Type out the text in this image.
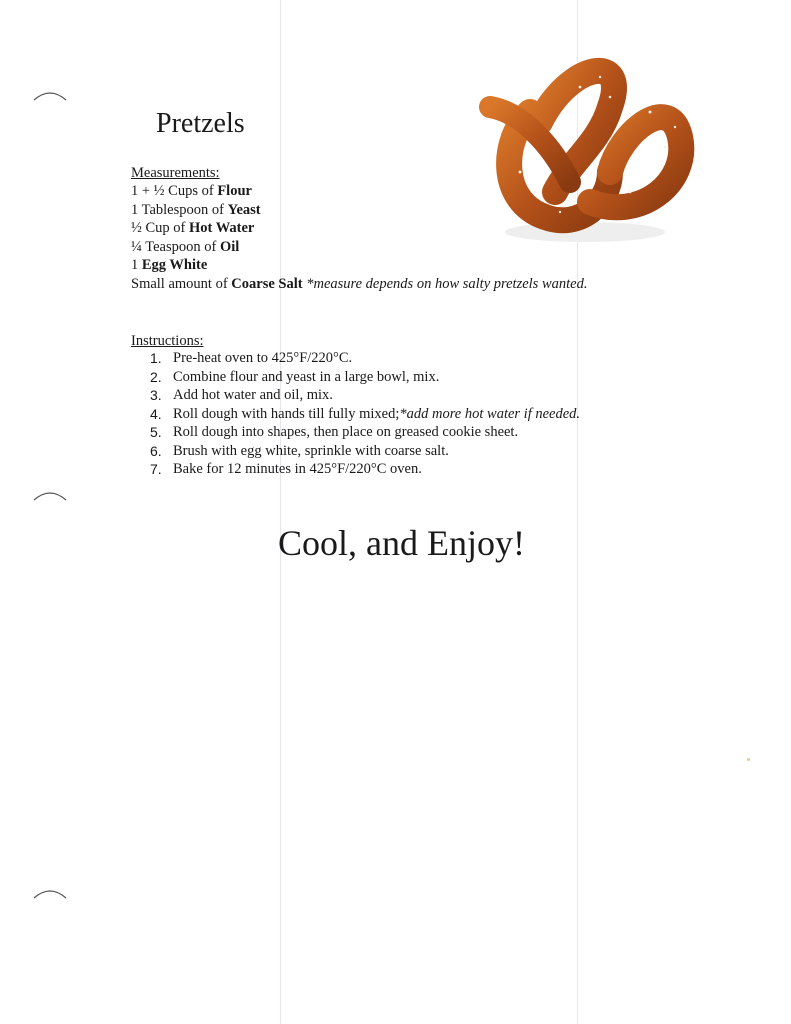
Pretzels
Measurements:
1 + ½ Cups of Flour
1 Tablespoon of Yeast
½ Cup of Hot Water
¼ Teaspoon of Oil
1 Egg White
Small amount of Coarse Salt *measure depends on how salty pretzels wanted.
Instructions:
1. Pre-heat oven to 425°F/220°C.
2. Combine flour and yeast in a large bowl, mix.
3. Add hot water and oil, mix.
4. Roll dough with hands till fully mixed; *add more hot water if needed.
5. Roll dough into shapes, then place on greased cookie sheet.
6. Brush with egg white, sprinkle with coarse salt.
7. Bake for 12 minutes in 425°F/220°C oven.
Cool, and Enjoy!
